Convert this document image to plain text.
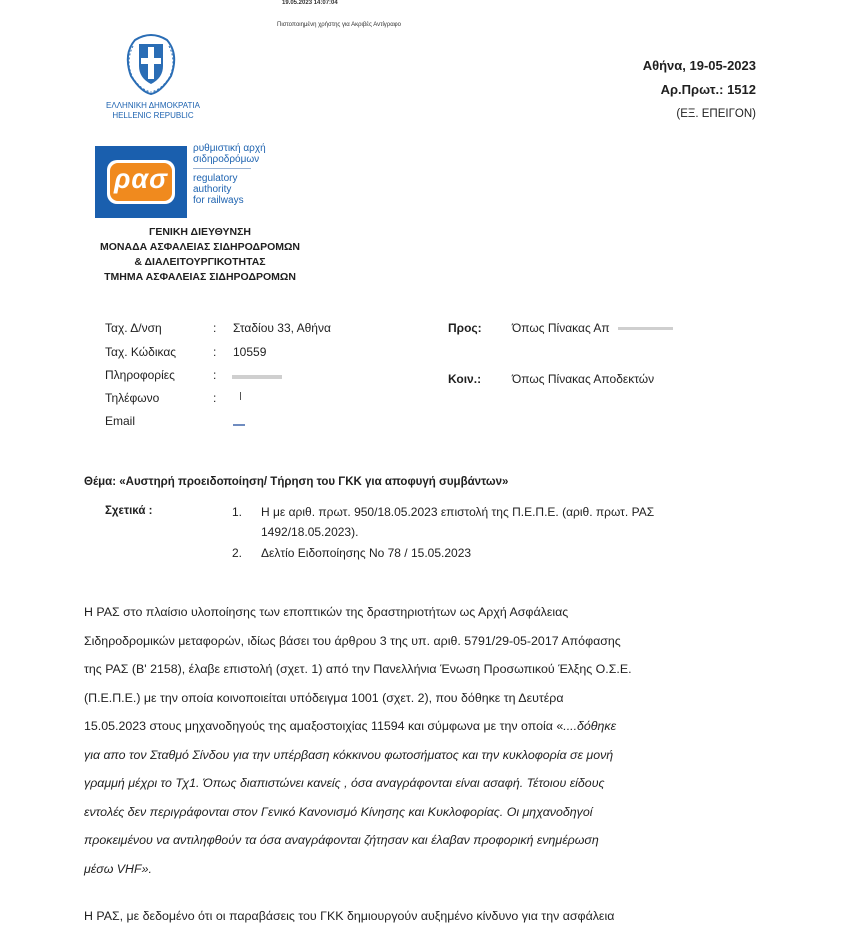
19.05.2023 14:07:04
Πιστοποιημένη χρήστης για Ακριβές Αντίγραφο
ΕΛΛΗΝΙΚΗ ΔΗΜΟΚΡΑΤΙΑ
HELLENIC REPUBLIC
Αθήνα, 19-05-2023
Αρ.Πρωτ.: 1512
(ΕΞ. ΕΠΕΙΓΟΝ)
ρασ
ρυθμιστική αρχή
σιδηροδρόμων
regulatory
authority
for railways
ΓΕΝΙΚΗ ΔΙΕΥΘΥΝΣΗ
ΜΟΝΑΔΑ ΑΣΦΑΛΕΙΑΣ ΣΙΔΗΡΟΔΡΟΜΩΝ
& ΔΙΑΛΕΙΤΟΥΡΓΙΚΟΤΗΤΑΣ
ΤΜΗΜΑ ΑΣΦΑΛΕΙΑΣ ΣΙΔΗΡΟΔΡΟΜΩΝ
Ταχ. Δ/νση	: Σταδίου 33, Αθήνα
Ταχ. Κώδικας	: 10559
Πληροφορίες	:
Τηλέφωνο	:
Email
Προς:	Όπως Πίνακας Απ
Κοιν.:	Όπως Πίνακας Αποδεκτών
Θέμα: «Αυστηρή προειδοποίηση/ Τήρηση του ΓΚΚ για αποφυγή συμβάντων»
Σχετικά :	1. Η με αριθ. πρωτ. 950/18.05.2023 επιστολή της Π.Ε.Π.Ε. (αριθ. πρωτ. ΡΑΣ
1492/18.05.2023).
2. Δελτίο Ειδοποίησης Νο 78 / 15.05.2023
Η ΡΑΣ στο πλαίσιο υλοποίησης των εποπτικών της δραστηριοτήτων ως Αρχή Ασφάλειας
Σιδηροδρομικών μεταφορών, ιδίως βάσει του άρθρου 3 της υπ. αριθ. 5791/29-05-2017 Απόφασης
της ΡΑΣ (Β' 2158), έλαβε επιστολή (σχετ. 1) από την Πανελλήνια Ένωση Προσωπικού Έλξης Ο.Σ.Ε.
(Π.Ε.Π.Ε.) με την οποία κοινοποιείται υπόδειγμα 1001 (σχετ. 2), που δόθηκε τη Δευτέρα
15.05.2023 στους μηχανοδηγούς της αμαξοστοιχίας 11594 και σύμφωνα με την οποία «....δόθηκε
για απο τον Σταθμό Σίνδου για την υπέρβαση κόκκινου φωτοσήματος και την κυκλοφορία σε μονή
γραμμή μέχρι το Τχ1. Όπως διαπιστώνει κανείς , όσα αναγράφονται είναι ασαφή. Τέτοιου είδους
εντολές δεν περιγράφονται στον Γενικό Κανονισμό Κίνησης και Κυκλοφορίας. Οι μηχανοδηγοί
προκειμένου να αντιληφθούν τα όσα αναγράφονται ζήτησαν και έλαβαν προφορική ενημέρωση
μέσω VHF».
Η ΡΑΣ, με δεδομένο ότι οι παραβάσεις του ΓΚΚ δημιουργούν αυξημένο κίνδυνο για την ασφάλεια
